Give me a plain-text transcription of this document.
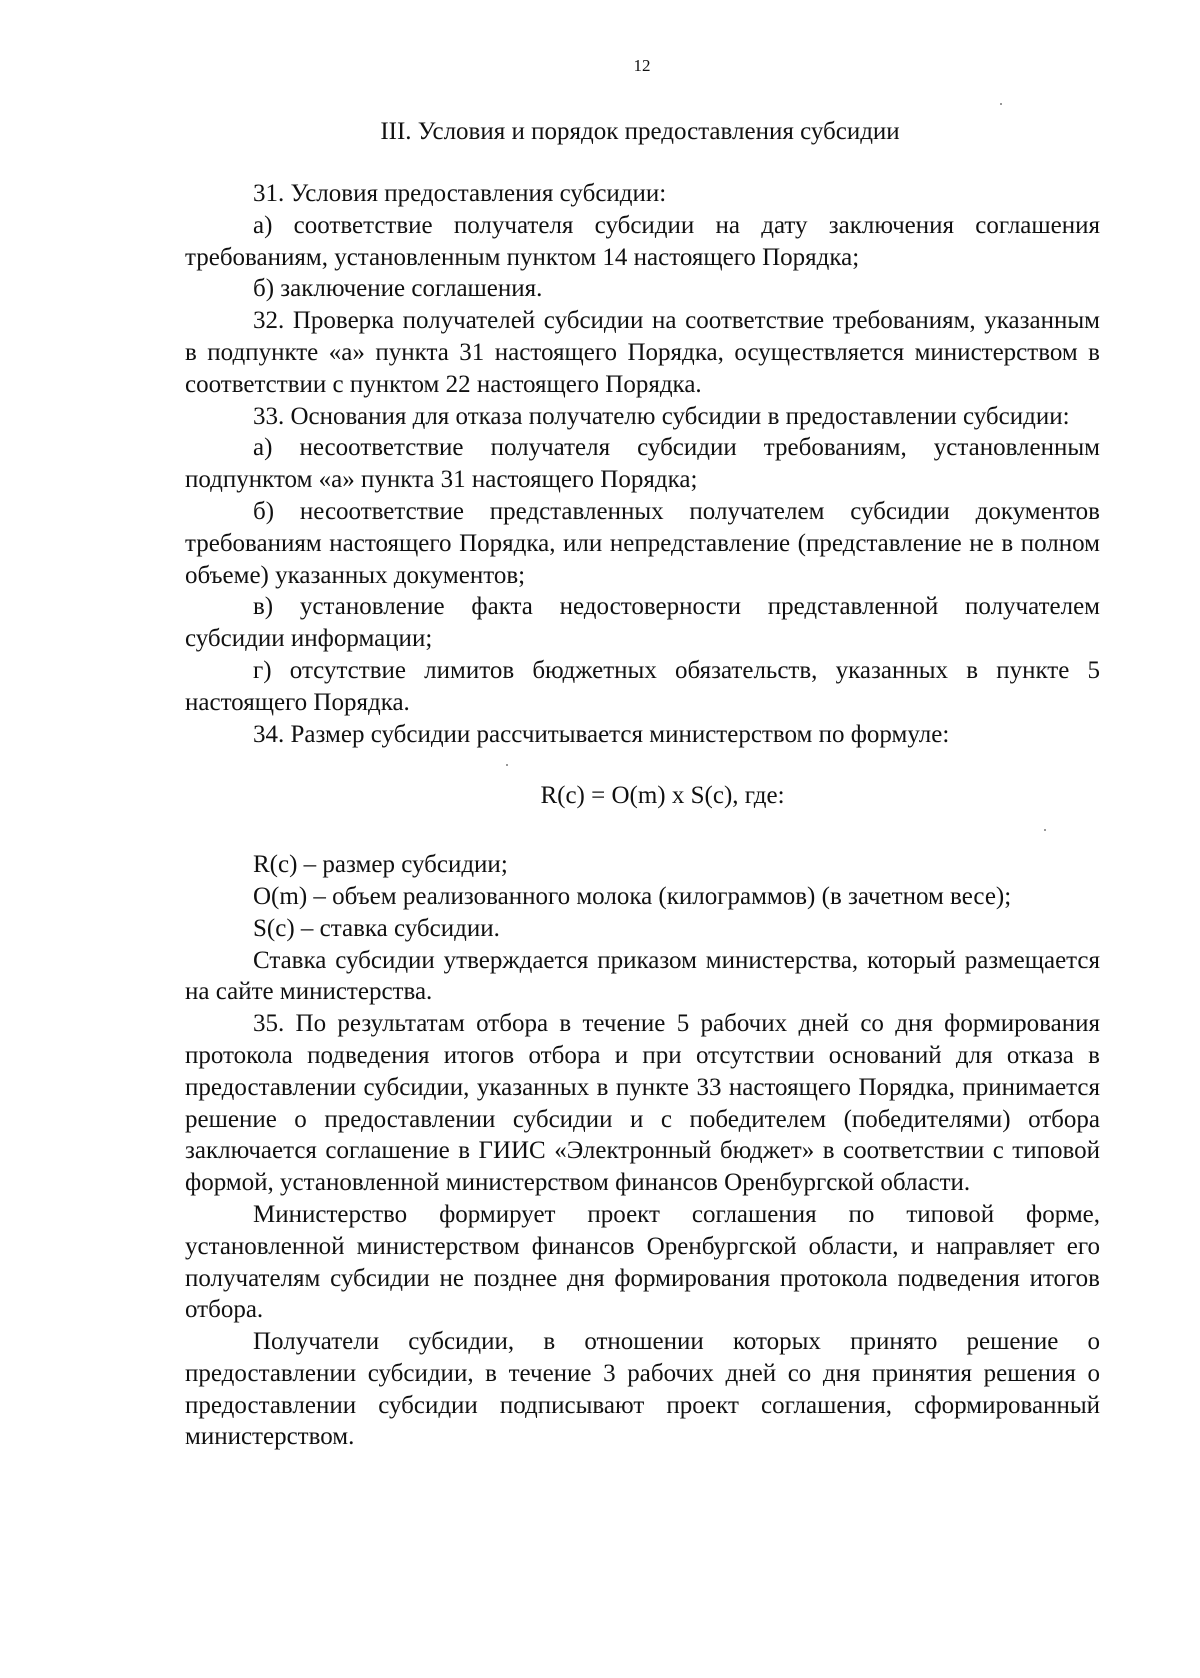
12
III. Условия и порядок предоставления субсидии

31. Условия предоставления субсидии:

а) соответствие получателя субсидии на дату заключения соглашения требованиям, установленным пунктом 14 настоящего Порядка;

б) заключение соглашения.

32. Проверка получателей субсидии на соответствие требованиям, указанным в подпункте «а» пункта 31 настоящего Порядка, осуществляется министерством в соответствии с пунктом 22 настоящего Порядка.

33. Основания для отказа получателю субсидии в предоставлении субсидии:

а) несоответствие получателя субсидии требованиям, установленным подпунктом «а» пункта 31 настоящего Порядка;

б) несоответствие представленных получателем субсидии документов требованиям настоящего Порядка, или непредставление (представление не в полном объеме) указанных документов;

в) установление факта недостоверности представленной получателем субсидии информации;

г) отсутствие лимитов бюджетных обязательств, указанных в пункте 5 настоящего Порядка.

34. Размер субсидии рассчитывается министерством по формуле:

R(c) = O(m) x S(c), где:

R(c) – размер субсидии;

O(m) – объем реализованного молока (килограммов) (в зачетном весе);

S(c) – ставка субсидии.

Ставка субсидии утверждается приказом министерства, который размещается на сайте министерства.

35. По результатам отбора в течение 5 рабочих дней со дня формирования протокола подведения итогов отбора и при отсутствии оснований для отказа в предоставлении субсидии, указанных в пункте 33 настоящего Порядка, принимается решение о предоставлении субсидии и с победителем (победителями) отбора заключается соглашение в ГИИС «Электронный бюджет» в соответствии с типовой формой, установленной министерством финансов Оренбургской области.

Министерство формирует проект соглашения по типовой форме, установленной министерством финансов Оренбургской области, и направляет его получателям субсидии не позднее дня формирования протокола подведения итогов отбора.

Получатели субсидии, в отношении которых принято решение о предоставлении субсидии, в течение 3 рабочих дней со дня принятия решения о предоставлении субсидии подписывают проект соглашения, сформированный министерством.
